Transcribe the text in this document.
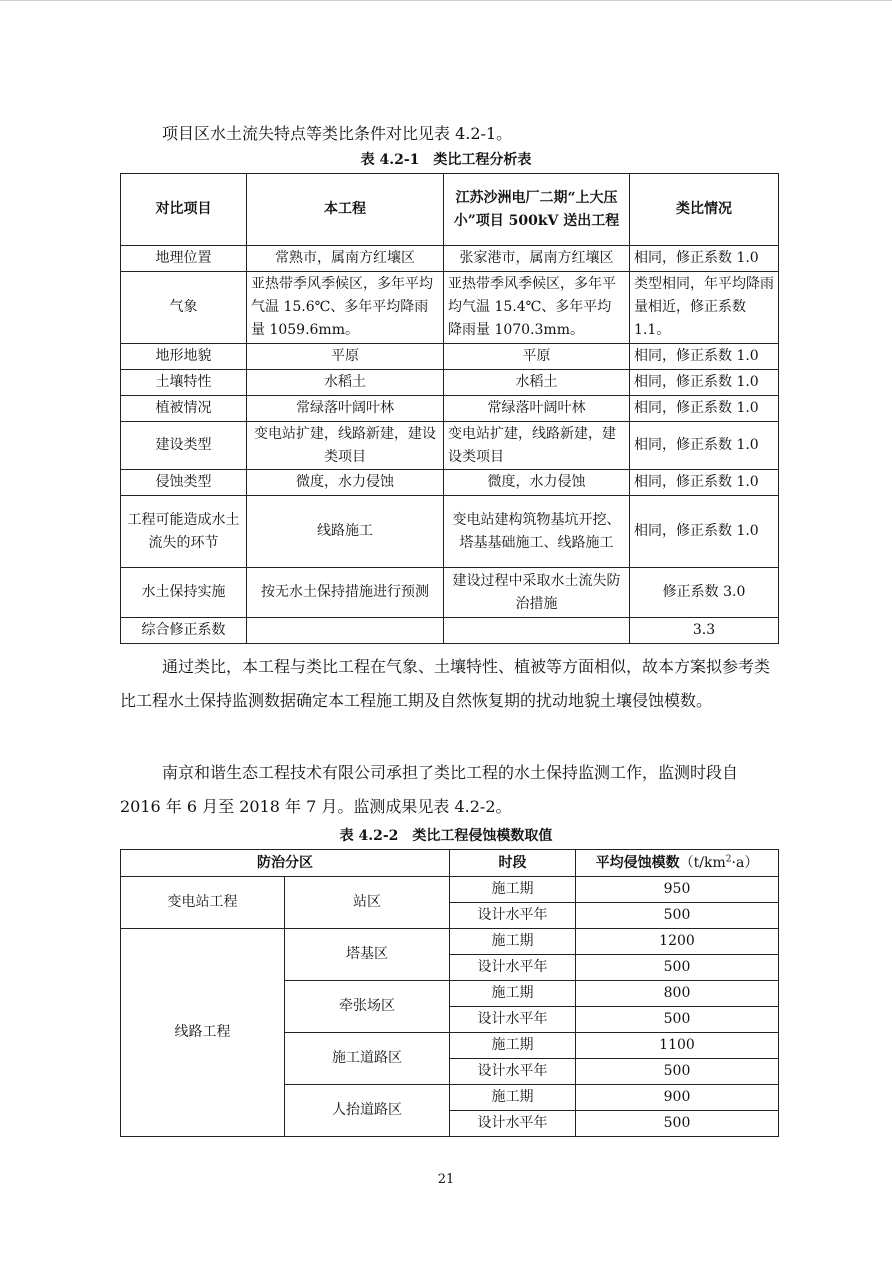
项目区水土流失特点等类比条件对比见表 4.2-1。

表 4.2-1　类比工程分析表
对比项目	本工程	江苏沙洲电厂二期“上大压小”项目 500kV 送出工程	类比情况
地理位置	常熟市，属南方红壤区	张家港市，属南方红壤区	相同，修正系数 1.0
气象	亚热带季风季候区，多年平均气温 15.6℃、多年平均降雨量 1059.6mm。	亚热带季风季候区，多年平均气温 15.4℃、多年平均降雨量 1070.3mm。	类型相同，年平均降雨量相近，修正系数 1.1。
地形地貌	平原	平原	相同，修正系数 1.0
土壤特性	水稻土	水稻土	相同，修正系数 1.0
植被情况	常绿落叶阔叶林	常绿落叶阔叶林	相同，修正系数 1.0
建设类型	变电站扩建，线路新建，建设类项目	变电站扩建，线路新建，建设类项目	相同，修正系数 1.0
侵蚀类型	微度，水力侵蚀	微度，水力侵蚀	相同，修正系数 1.0
工程可能造成水土流失的环节	线路施工	变电站建构筑物基坑开挖、塔基基础施工、线路施工	相同，修正系数 1.0
水土保持实施	按无水土保持措施进行预测	建设过程中采取水土流失防治措施	修正系数 3.0
综合修正系数			3.3

通过类比，本工程与类比工程在气象、土壤特性、植被等方面相似，故本方案拟参考类比工程水土保持监测数据确定本工程施工期及自然恢复期的扰动地貌土壤侵蚀模数。

南京和谐生态工程技术有限公司承担了类比工程的水土保持监测工作，监测时段自 2016 年 6 月至 2018 年 7 月。监测成果见表 4.2-2。

表 4.2-2　类比工程侵蚀模数取值
防治分区		时段	平均侵蚀模数$(t/km^2\cdot a)$
变电站工程	站区	施工期	950
		设计水平年	500
线路工程	塔基区	施工期	1200
		设计水平年	500
	牵张场区	施工期	800
		设计水平年	500
	施工道路区	施工期	1100
		设计水平年	500
	人抬道路区	施工期	900
		设计水平年	500
21
